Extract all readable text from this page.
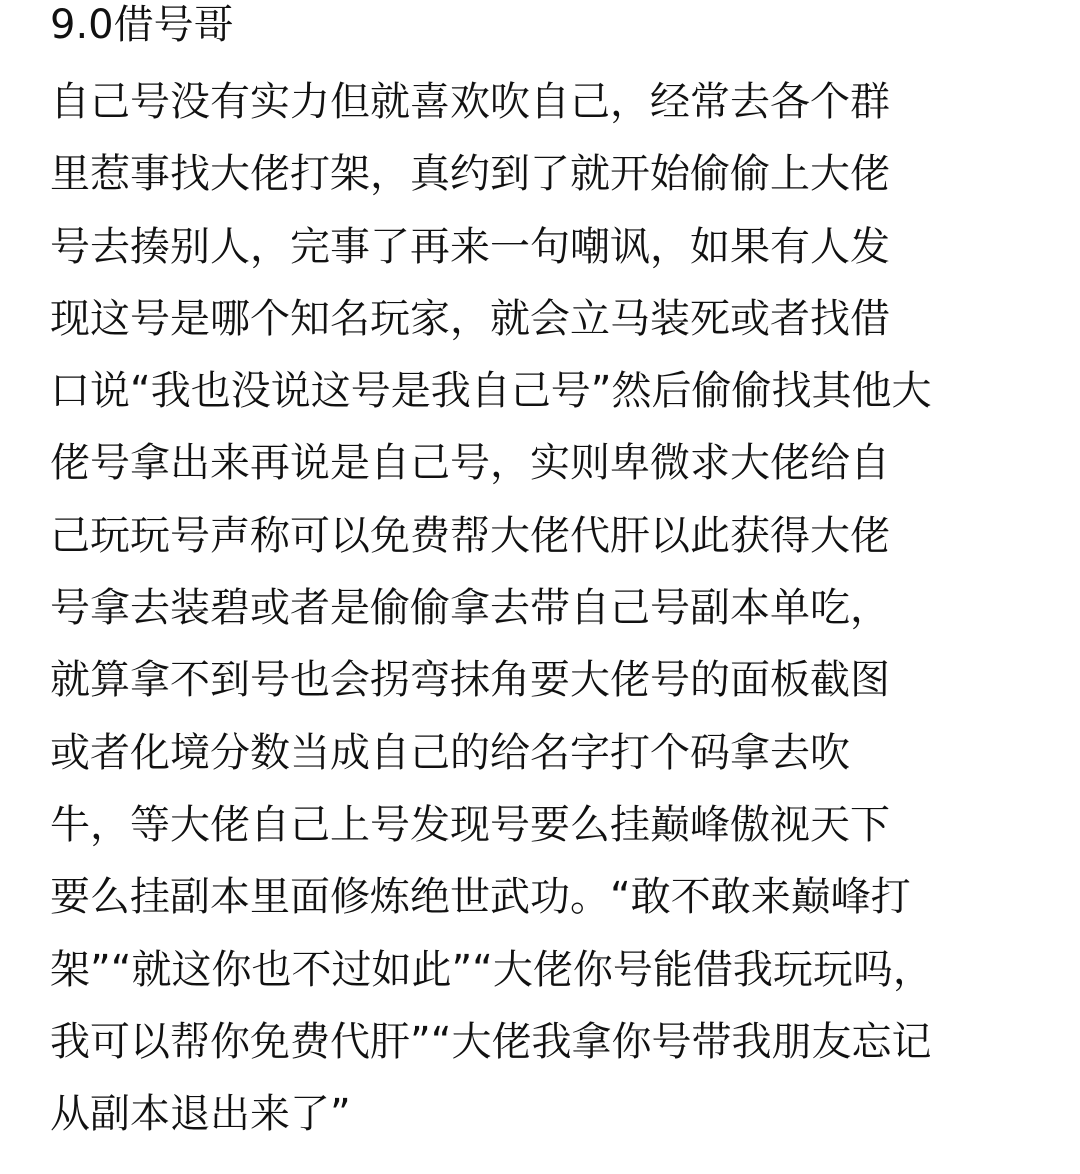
9.0借号哥
自己号没有实力但就喜欢吹自己，经常去各个群
里惹事找大佬打架，真约到了就开始偷偷上大佬
号去揍别人，完事了再来一句嘲讽，如果有人发
现这号是哪个知名玩家，就会立马装死或者找借
口说“我也没说这号是我自己号”然后偷偷找其他大
佬号拿出来再说是自己号，实则卑微求大佬给自
己玩玩号声称可以免费帮大佬代肝以此获得大佬
号拿去装碧或者是偷偷拿去带自己号副本单吃，
就算拿不到号也会拐弯抹角要大佬号的面板截图
或者化境分数当成自己的给名字打个码拿去吹
牛，等大佬自己上号发现号要么挂巅峰傲视天下
要么挂副本里面修炼绝世武功。“敢不敢来巅峰打
架”“就这你也不过如此”“大佬你号能借我玩玩吗，
我可以帮你免费代肝”“大佬我拿你号带我朋友忘记
从副本退出来了”
